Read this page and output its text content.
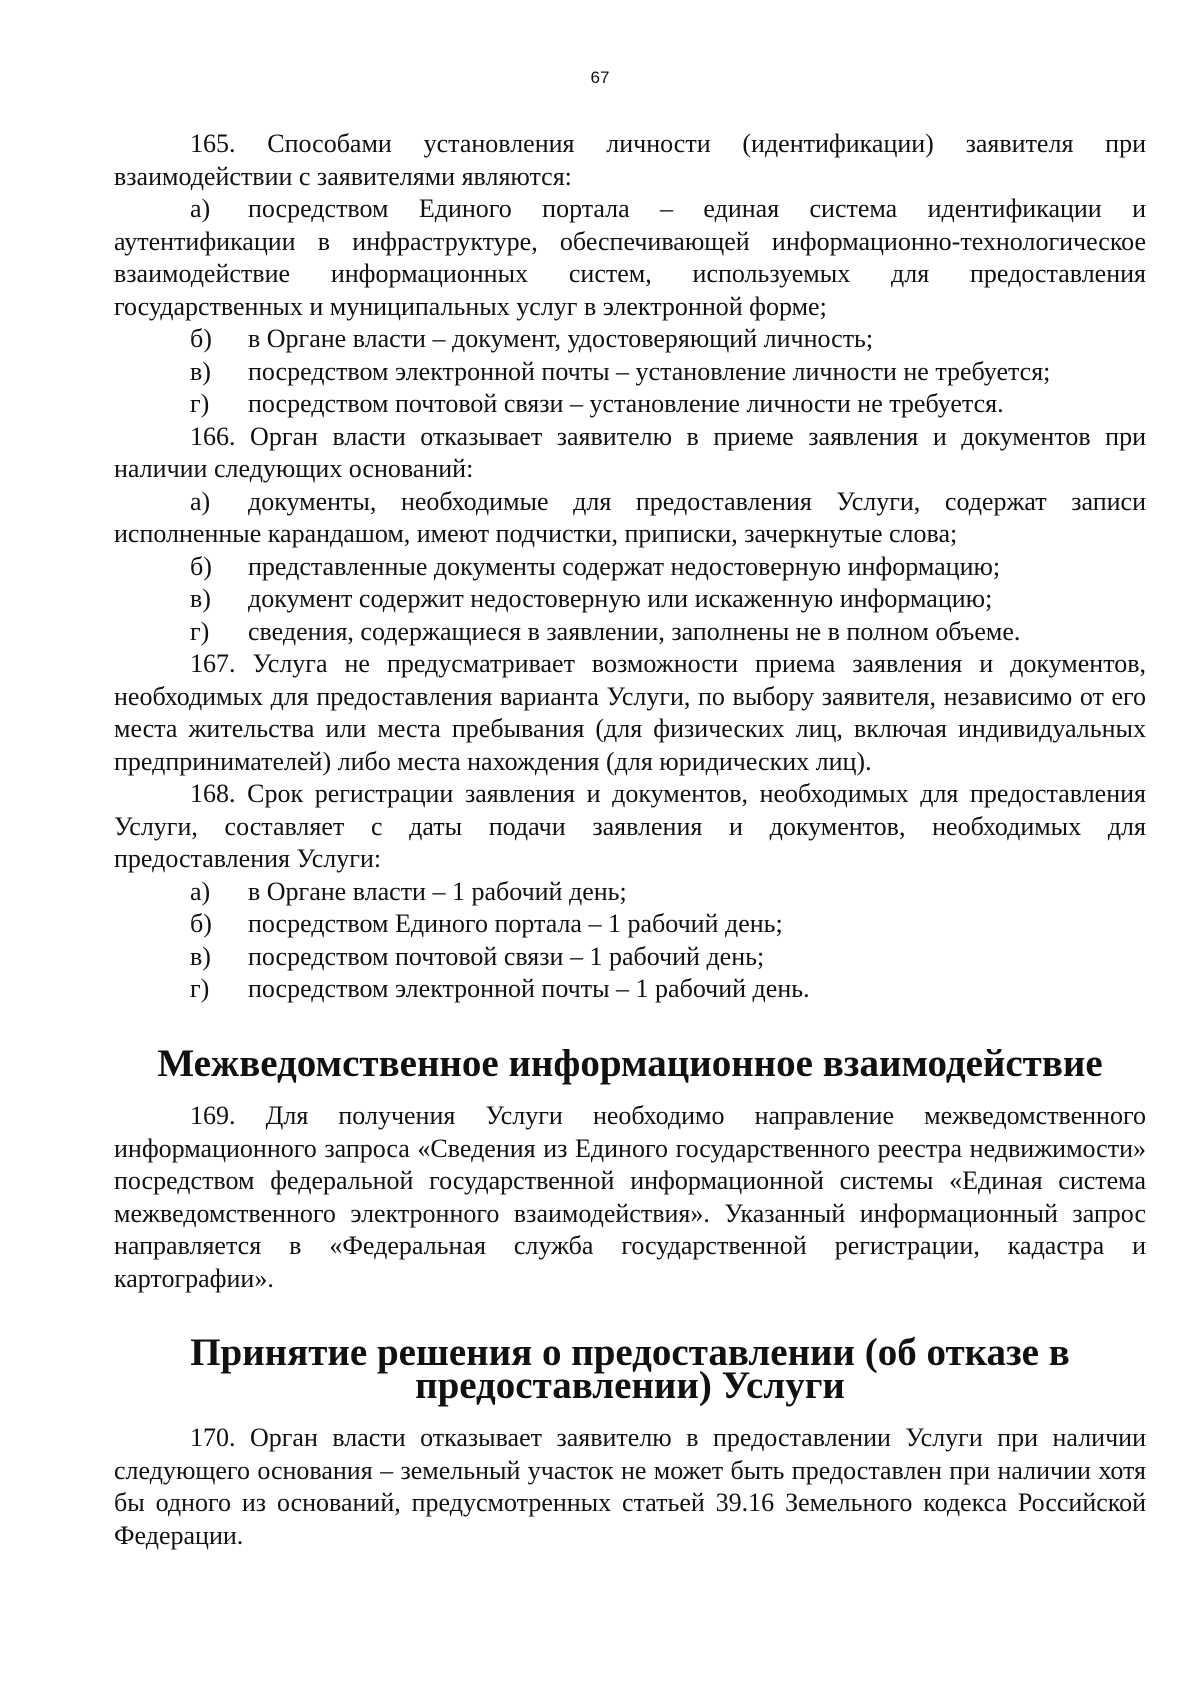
67

165. Способами установления личности (идентификации) заявителя при взаимодействии с заявителями являются:

а) посредством Единого портала – единая система идентификации и аутентификации в инфраструктуре, обеспечивающей информационно-технологическое взаимодействие информационных систем, используемых для предоставления государственных и муниципальных услуг в электронной форме;
б)	в Органе власти – документ, удостоверяющий личность;
в)	посредством электронной почты – установление личности не требуется;
г)	посредством почтовой связи – установление личности не требуется.

166. Орган власти отказывает заявителю в приеме заявления и документов при наличии следующих оснований:

а) документы, необходимые для предоставления Услуги, содержат записи исполненные карандашом, имеют подчистки, приписки, зачеркнутые слова;
б)	представленные документы содержат недостоверную информацию;
в)	документ содержит недостоверную или искаженную информацию;
г)	сведения, содержащиеся в заявлении, заполнены не в полном объеме.

167. Услуга не предусматривает возможности приема заявления и документов, необходимых для предоставления варианта Услуги, по выбору заявителя, независимо от его места жительства или места пребывания (для физических лиц, включая индивидуальных предпринимателей) либо места нахождения (для юридических лиц).

168. Срок регистрации заявления и документов, необходимых для предоставления Услуги, составляет с даты подачи заявления и документов, необходимых для предоставления Услуги:

а)	в Органе власти – 1 рабочий день;
б)	посредством Единого портала – 1 рабочий день;
в)	посредством почтовой связи – 1 рабочий день;
г)	посредством электронной почты – 1 рабочий день.
Межведомственное информационное взаимодействие

169. Для получения Услуги необходимо направление межведомственного информационного запроса «Сведения из Единого государственного реестра недвижимости» посредством федеральной государственной информационной системы «Единая система межведомственного электронного взаимодействия». Указанный информационный запрос направляется в «Федеральная служба государственной регистрации, кадастра и картографии».

Принятие решения о предоставлении (об отказе в предоставлении) Услуги

170. Орган власти отказывает заявителю в предоставлении Услуги при наличии следующего основания – земельный участок не может быть предоставлен при наличии хотя бы одного из оснований, предусмотренных статьей 39.16 Земельного кодекса Российской Федерации.
